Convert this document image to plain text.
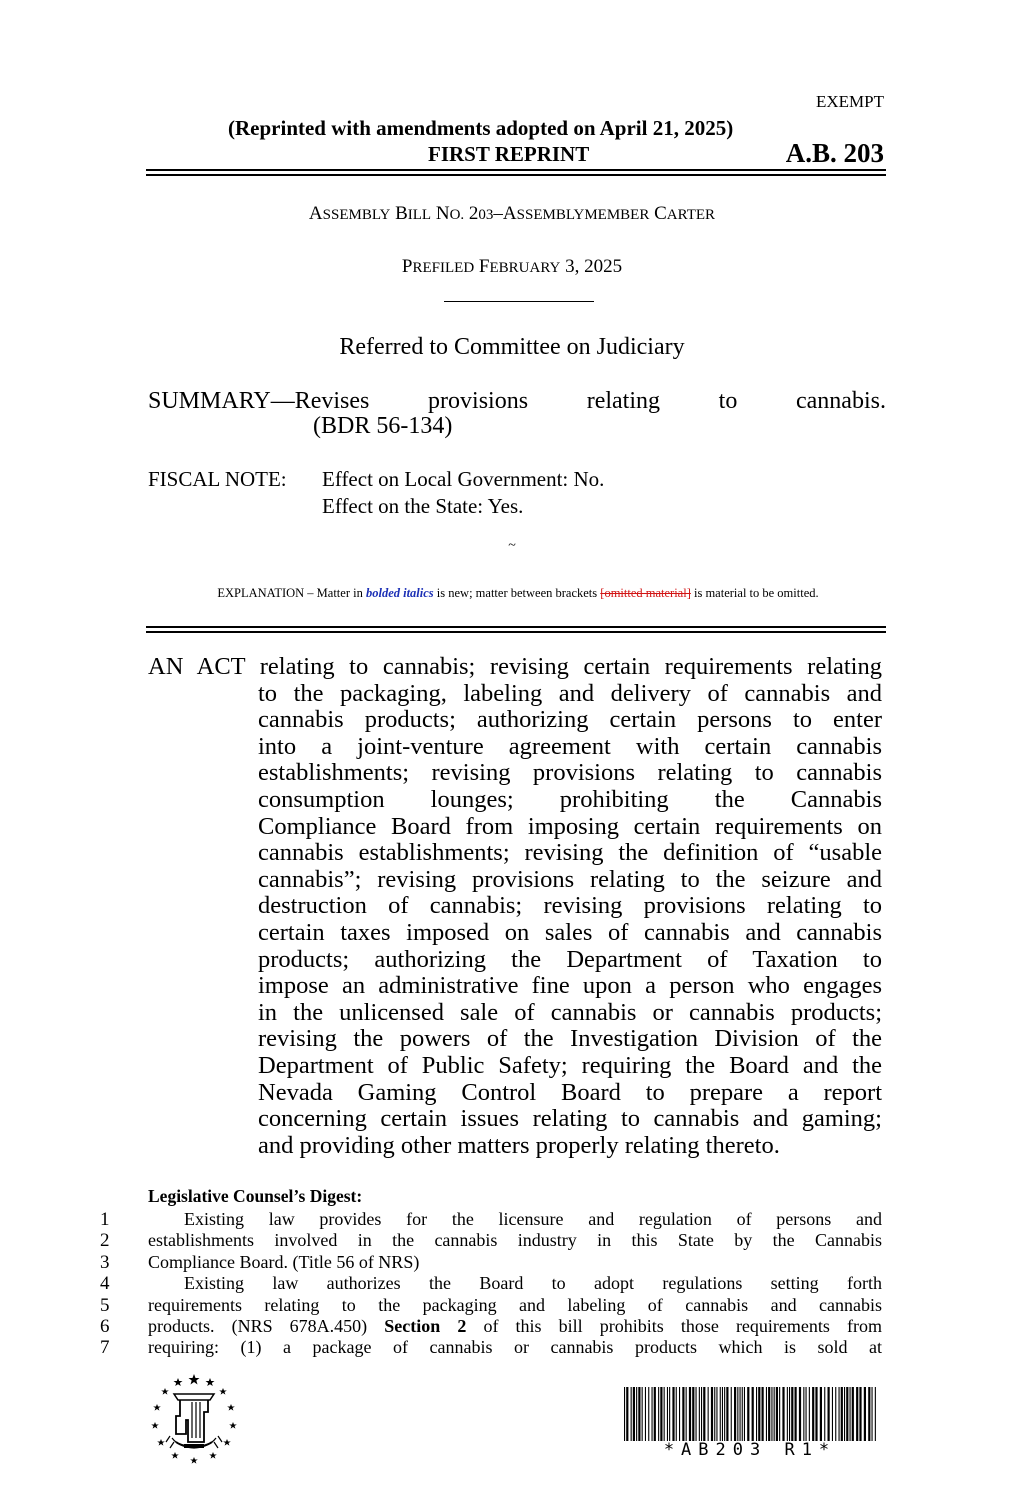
EXEMPT
(Reprinted with amendments adopted on April 21, 2025)
FIRST REPRINT	A.B. 203
ASSEMBLY BILL NO. 203–ASSEMBLYMEMBER CARTER
PREFILED FEBRUARY 3, 2025
Referred to Committee on Judiciary
SUMMARY—Revises provisions relating to cannabis.
(BDR 56-134)
FISCAL NOTE: Effect on Local Government: No.
Effect on the State: Yes.
~
EXPLANATION – Matter in bolded italics is new; matter between brackets [omitted material] is material to be omitted.
AN ACT relating to cannabis; revising certain requirements relating
to the packaging, labeling and delivery of cannabis and
cannabis products; authorizing certain persons to enter
into a joint-venture agreement with certain cannabis
establishments; revising provisions relating to cannabis
consumption lounges; prohibiting the Cannabis
Compliance Board from imposing certain requirements on
cannabis establishments; revising the definition of “usable
cannabis”; revising provisions relating to the seizure and
destruction of cannabis; revising provisions relating to
certain taxes imposed on sales of cannabis and cannabis
products; authorizing the Department of Taxation to
impose an administrative fine upon a person who engages
in the unlicensed sale of cannabis or cannabis products;
revising the powers of the Investigation Division of the
Department of Public Safety; requiring the Board and the
Nevada Gaming Control Board to prepare a report
concerning certain issues relating to cannabis and gaming;
and providing other matters properly relating thereto.
Legislative Counsel’s Digest:
1	Existing law provides for the licensure and regulation of persons and
2	establishments involved in the cannabis industry in this State by the Cannabis
3	Compliance Board. (Title 56 of NRS)
4	Existing law authorizes the Board to adopt regulations setting forth
5	requirements relating to the packaging and labeling of cannabis and cannabis
6	products. (NRS 678A.450) Section 2 of this bill prohibits those requirements from
7	requiring: (1) a package of cannabis or cannabis products which is sold at
*AB203 R1*
